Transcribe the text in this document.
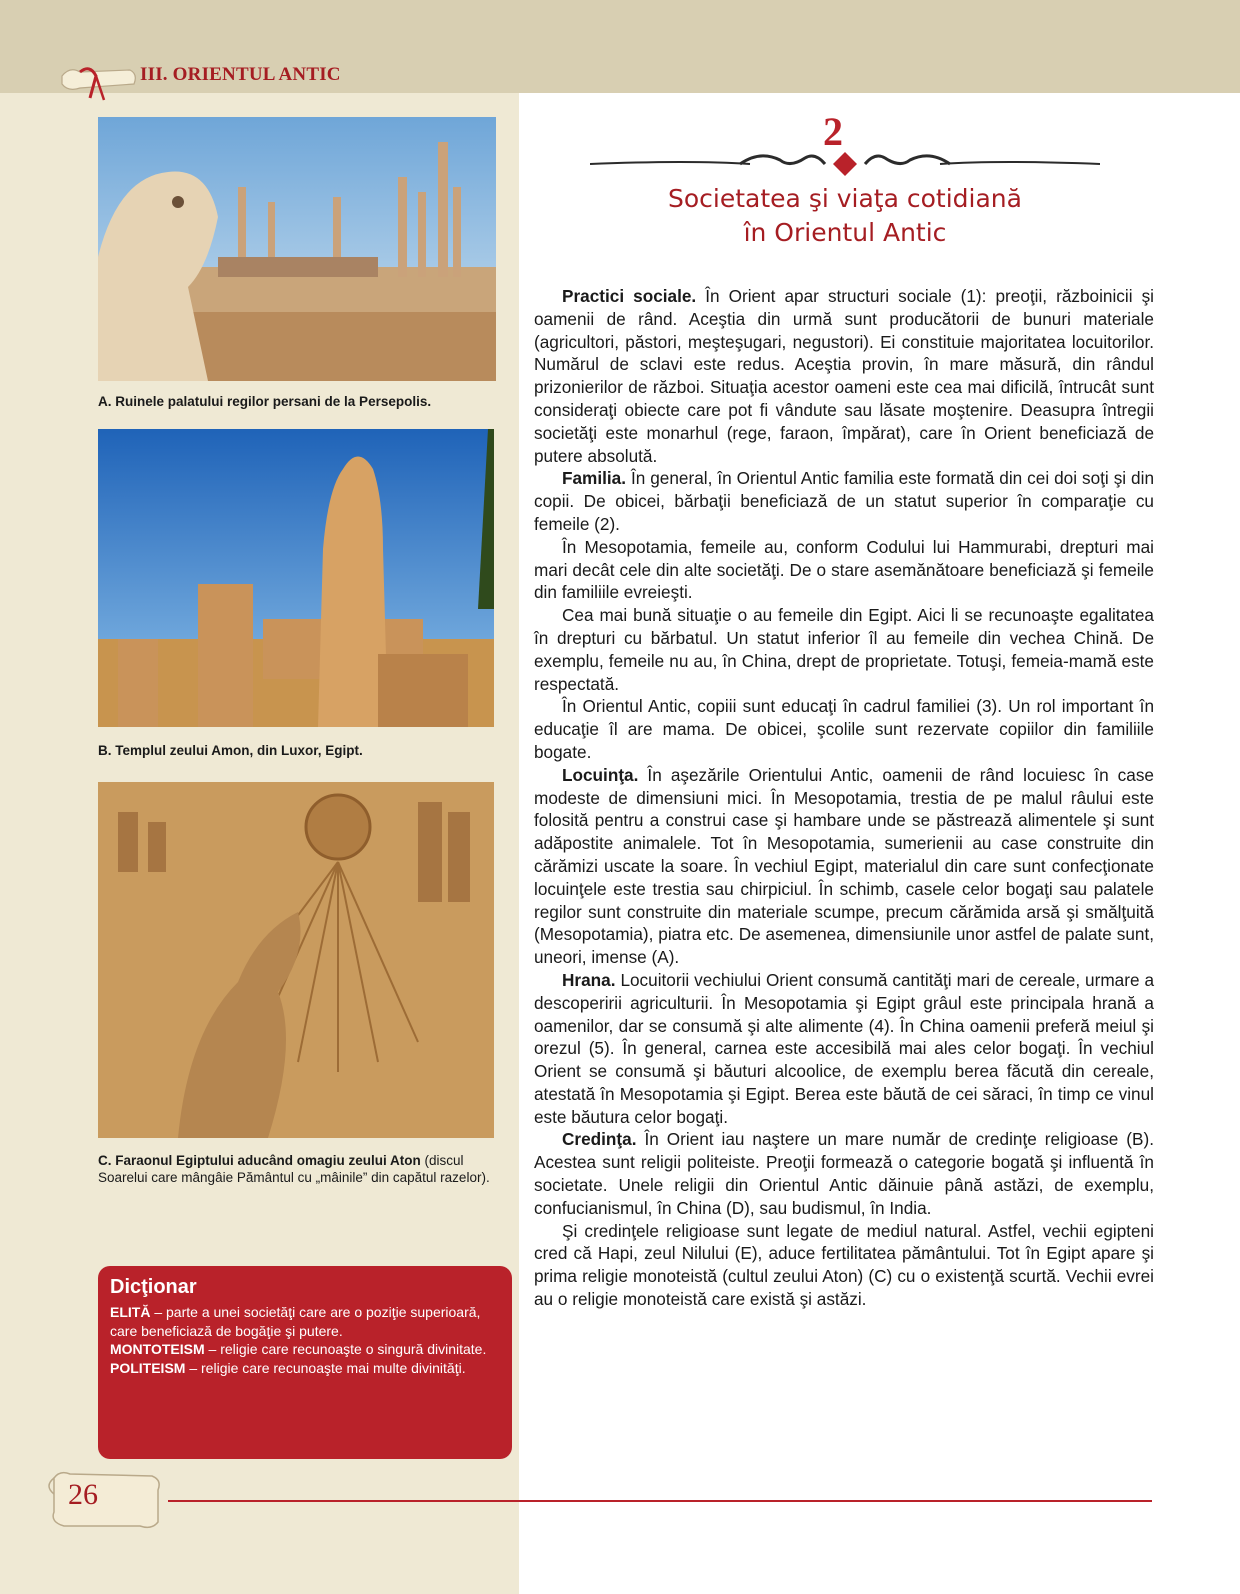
III. ORIENTUL ANTIC
A. Ruinele palatului regilor persani de la Persepolis.
B. Templul zeului Amon, din Luxor, Egipt.
C. Faraonul Egiptului aducând omagiu zeului Aton (discul Soarelui care mângâie Pământul cu „mâinile” din capătul razelor).
Dicţionar
ELITĂ – parte a unei societăţi care are o poziţie superioară, care beneficiază de bogăţie şi putere.
MONTOTEISM – religie care recunoaşte o singură divinitate.
POLITEISM – religie care recunoaşte mai multe divinităţi.
26
2
Societatea şi viaţa cotidiană
în Orientul Antic

Practici sociale. În Orient apar structuri sociale (1): preoţii, războinicii şi oamenii de rând. Aceştia din urmă sunt producătorii de bunuri materiale (agricultori, păstori, meşteşugari, negustori). Ei constituie majoritatea locuitorilor. Numărul de sclavi este redus. Aceştia provin, în mare măsură, din rândul prizonierilor de război. Situaţia acestor oameni este cea mai dificilă, întrucât sunt consideraţi obiecte care pot fi vândute sau lăsate moştenire. Deasupra întregii societăţi este monarhul (rege, faraon, împărat), care în Orient beneficiază de putere absolută.

Familia. În general, în Orientul Antic familia este formată din cei doi soţi şi din copii. De obicei, bărbaţii beneficiază de un statut superior în comparaţie cu femeile (2).

În Mesopotamia, femeile au, conform Codului lui Hammurabi, drepturi mai mari decât cele din alte societăţi. De o stare asemănătoare beneficiază şi femeile din familiile evreieşti.

Cea mai bună situaţie o au femeile din Egipt. Aici li se recunoaşte egalitatea în drepturi cu bărbatul. Un statut inferior îl au femeile din vechea Chină. De exemplu, femeile nu au, în China, drept de proprietate. Totuşi, femeia-mamă este respectată.

În Orientul Antic, copiii sunt educaţi în cadrul familiei (3). Un rol important în educaţie îl are mama. De obicei, şcolile sunt rezervate copiilor din familiile bogate.

Locuinţa. În aşezările Orientului Antic, oamenii de rând locuiesc în case modeste de dimensiuni mici. În Mesopotamia, trestia de pe malul râului este folosită pentru a construi case şi hambare unde se păstrează alimentele şi sunt adăpostite animalele. Tot în Mesopotamia, sumerienii au case construite din cărămizi uscate la soare. În vechiul Egipt, materialul din care sunt confecţionate locuinţele este trestia sau chirpiciul. În schimb, casele celor bogaţi sau palatele regilor sunt construite din materiale scumpe, precum cărămida arsă şi smălţuită (Mesopotamia), piatra etc. De asemenea, dimensiunile unor astfel de palate sunt, uneori, imense (A).

Hrana. Locuitorii vechiului Orient consumă cantităţi mari de cereale, urmare a descoperirii agriculturii. În Mesopotamia şi Egipt grâul este principala hrană a oamenilor, dar se consumă şi alte alimente (4). În China oamenii preferă meiul şi orezul (5). În general, carnea este accesibilă mai ales celor bogaţi. În vechiul Orient se consumă şi băuturi alcoolice, de exemplu berea făcută din cereale, atestată în Mesopotamia şi Egipt. Berea este băută de cei săraci, în timp ce vinul este băutura celor bogaţi.

Credinţa. În Orient iau naştere un mare număr de credinţe religioase (B). Acestea sunt religii politeiste. Preoţii formează o categorie bogată şi influentă în societate. Unele religii din Orientul Antic dăinuie până astăzi, de exemplu, confucianismul, în China (D), sau budismul, în India.

Şi credinţele religioase sunt legate de mediul natural. Astfel, vechii egipteni cred că Hapi, zeul Nilului (E), aduce fertilitatea pământului. Tot în Egipt apare şi prima religie monoteistă (cultul zeului Aton) (C) cu o existenţă scurtă. Vechii evrei au o religie monoteistă care există şi astăzi.
